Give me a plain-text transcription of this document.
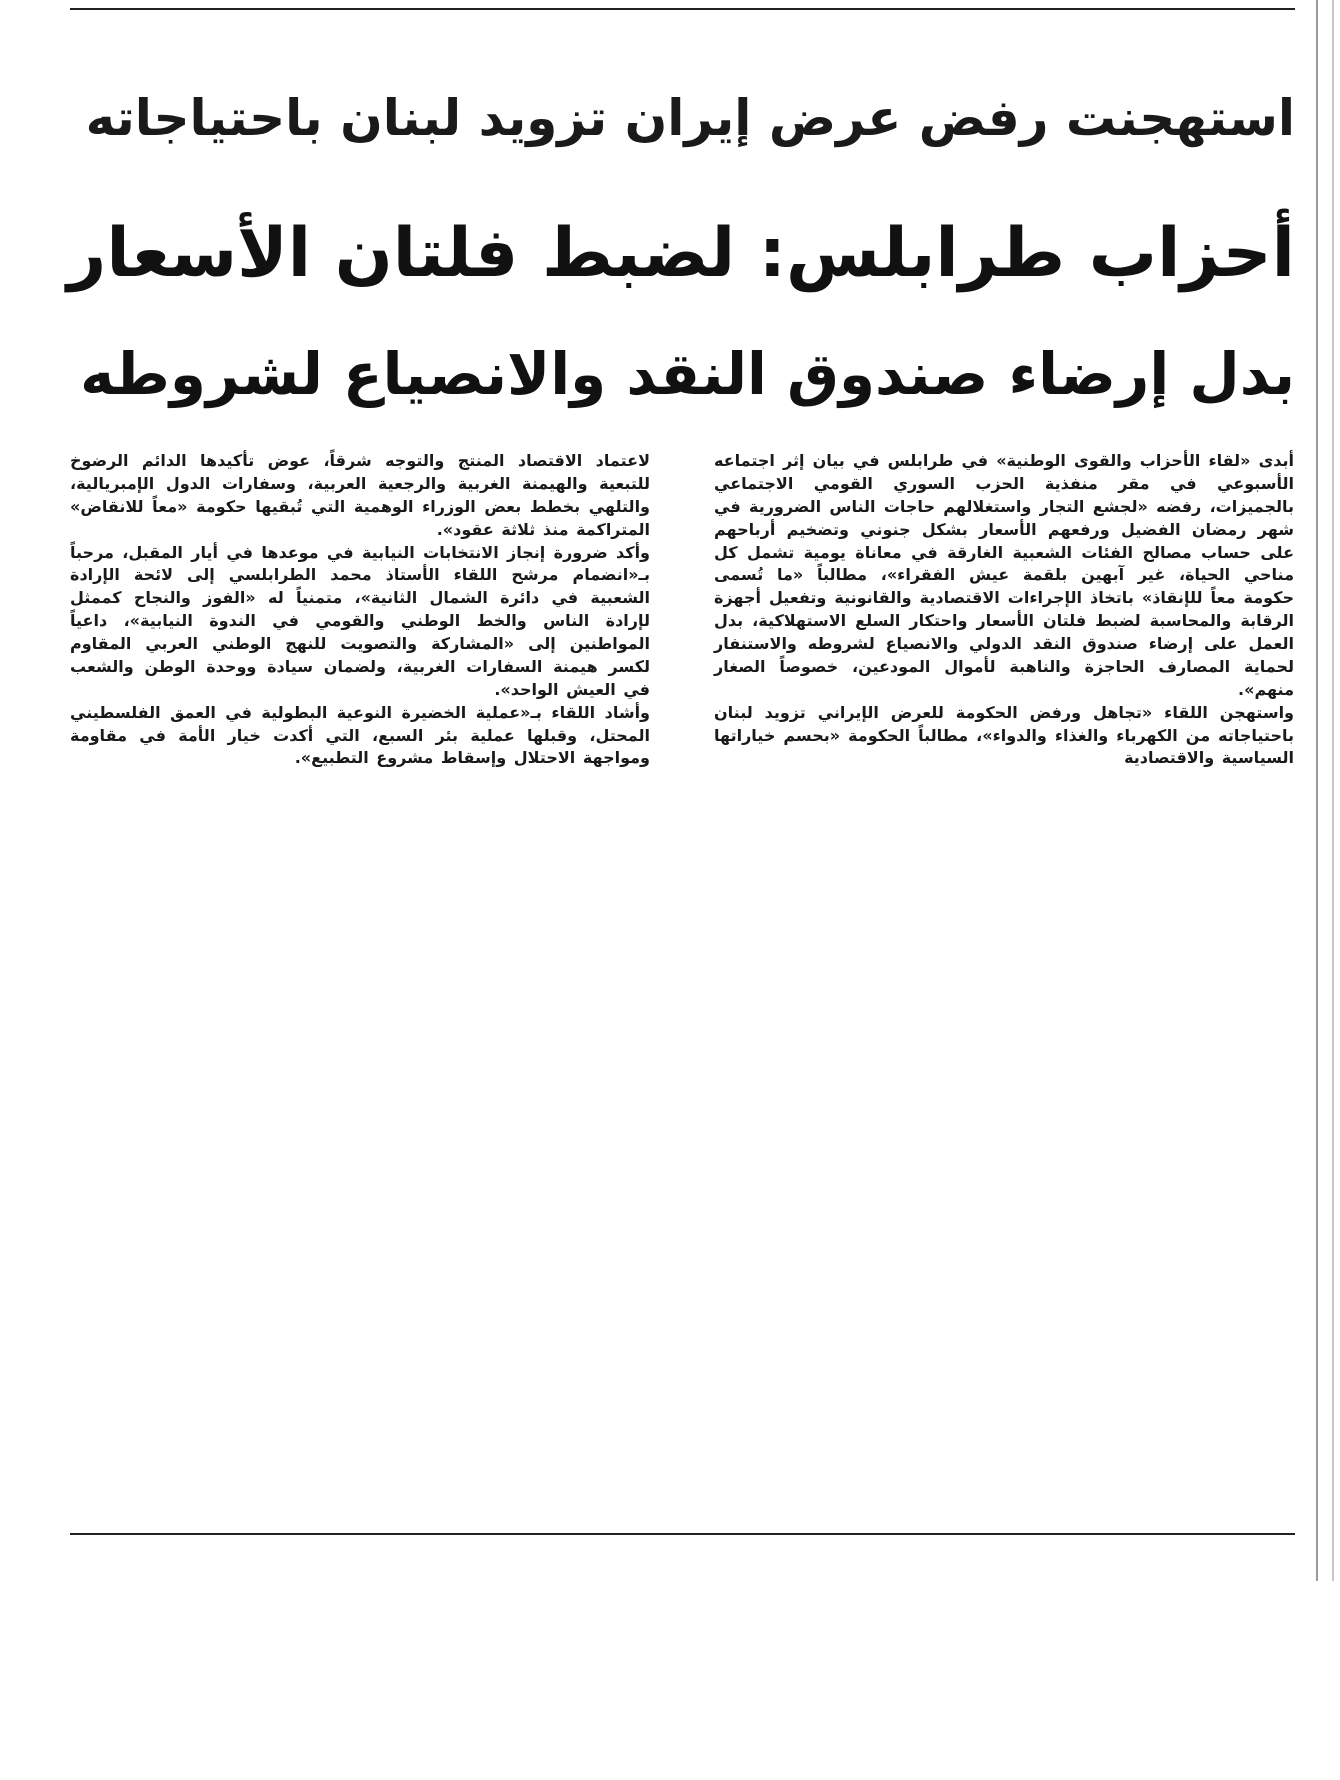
استهجنت رفض عرض إيران تزويد لبنان باحتياجاته
أحزاب طرابلس: لضبط فلتان الأسعار
بدل إرضاء صندوق النقد والانصياع لشروطه

أبدى «لقاء الأحزاب والقوى الوطنية» في طرابلس في بيان إثر اجتماعه الأسبوعي في مقر منفذية الحزب السوري القومي الاجتماعي بالجميزات، رفضه «لجشع التجار واستغلالهم حاجات الناس الضرورية في شهر رمضان الفضيل ورفعهم الأسعار بشكل جنوني وتضخيم أرباحهم على حساب مصالح الفئات الشعبية الغارقة في معاناة يومية تشمل كل مناحي الحياة، غير آبهين بلقمة عيش الفقراء»، مطالباً «ما تُسمى حكومة معاً للإنقاذ» باتخاذ الإجراءات الاقتصادية والقانونية وتفعيل أجهزة الرقابة والمحاسبة لضبط فلتان الأسعار واحتكار السلع الاستهلاكية، بدل العمل على إرضاء صندوق النقد الدولي والانصياع لشروطه والاستنفار لحماية المصارف الحاجزة والناهبة لأموال المودعين، خصوصاً الصغار منهم».

واستهجن اللقاء «تجاهل ورفض الحكومة للعرض الإيراني تزويد لبنان باحتياجاته من الكهرباء والغذاء والدواء»، مطالباً الحكومة «بحسم خياراتها السياسية والاقتصادية

لاعتماد الاقتصاد المنتج والتوجه شرقاً، عوض تأكيدها الدائم الرضوخ للتبعية والهيمنة الغربية والرجعية العربية، وسفارات الدول الإمبريالية، والتلهي بخطط بعض الوزراء الوهمية التي تُبقيها حكومة «معاً للانقاض» المتراكمة منذ ثلاثة عقود».

وأكد ضرورة إنجاز الانتخابات النيابية في موعدها في أيار المقبل، مرحباً بـ«انضمام مرشح اللقاء الأستاذ محمد الطرابلسي إلى لائحة الإرادة الشعبية في دائرة الشمال الثانية»، متمنياً له «الفوز والنجاح كممثل لإرادة الناس والخط الوطني والقومي في الندوة النيابية»، داعياً المواطنين إلى «المشاركة والتصويت للنهج الوطني العربي المقاوم لكسر هيمنة السفارات الغربية، ولضمان سيادة ووحدة الوطن والشعب في العيش الواحد».

وأشاد اللقاء بـ«عملية الخضيرة النوعية البطولية في العمق الفلسطيني المحتل، وقبلها عملية بئر السبع، التي أكدت خيار الأمة في مقاومة ومواجهة الاحتلال وإسقاط مشروع التطبيع».
